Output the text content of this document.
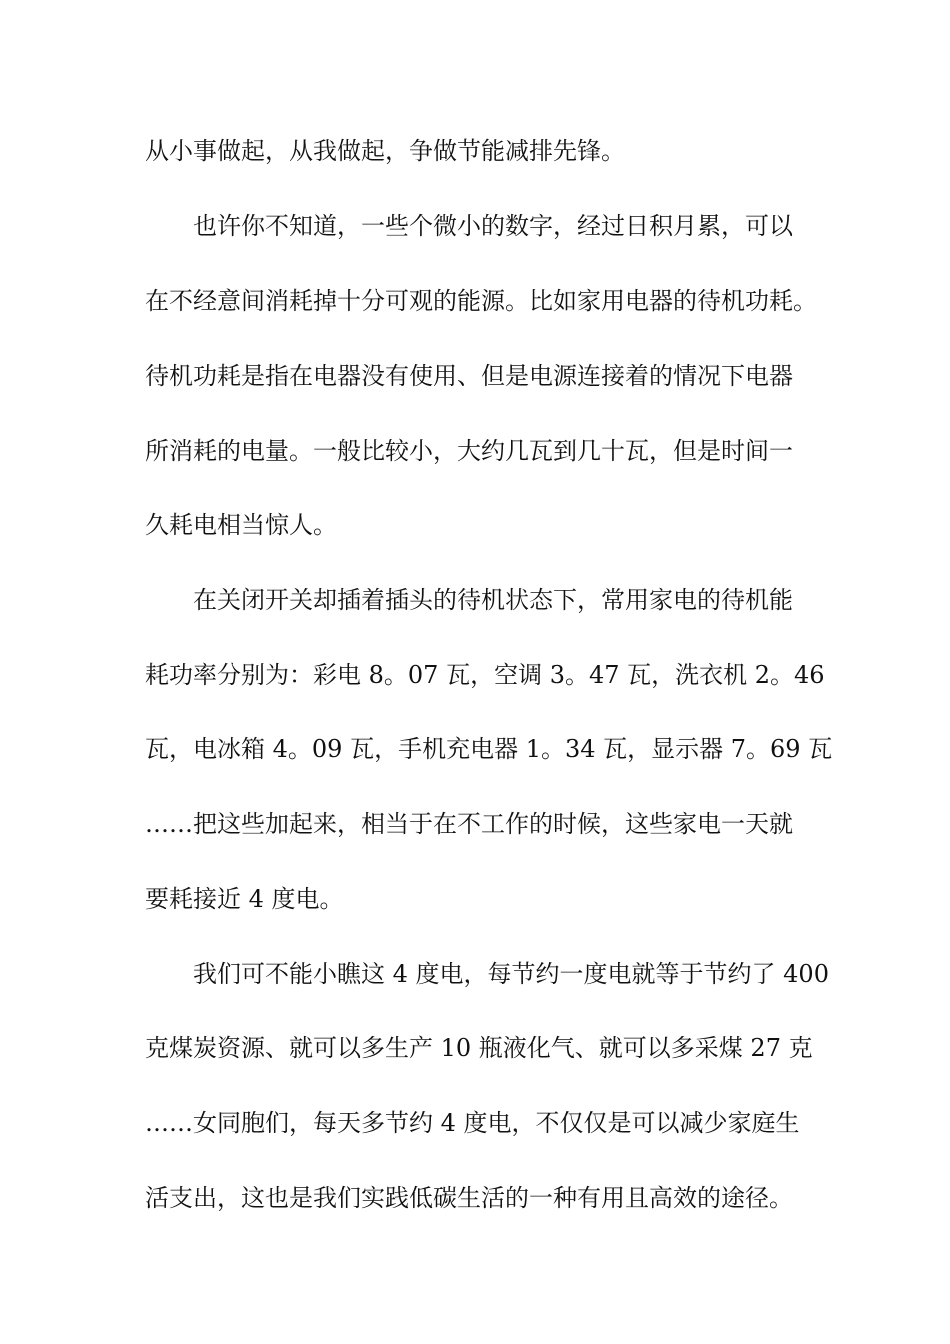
从小事做起，从我做起，争做节能减排先锋。
也许你不知道，一些个微小的数字，经过日积月累，可以
在不经意间消耗掉十分可观的能源。比如家用电器的待机功耗。
待机功耗是指在电器没有使用、但是电源连接着的情况下电器
所消耗的电量。一般比较小，大约几瓦到几十瓦，但是时间一
久耗电相当惊人。
在关闭开关却插着插头的待机状态下，常用家电的待机能
耗功率分别为：彩电 8。07 瓦，空调 3。47 瓦，洗衣机 2。46
瓦，电冰箱 4。09 瓦，手机充电器 1。34 瓦，显示器 7。69 瓦
……把这些加起来，相当于在不工作的时候，这些家电一天就
要耗接近 4 度电。
我们可不能小瞧这 4 度电，每节约一度电就等于节约了 400
克煤炭资源、就可以多生产 10 瓶液化气、就可以多采煤 27 克
……女同胞们，每天多节约 4 度电，不仅仅是可以减少家庭生
活支出，这也是我们实践低碳生活的一种有用且高效的途径。
